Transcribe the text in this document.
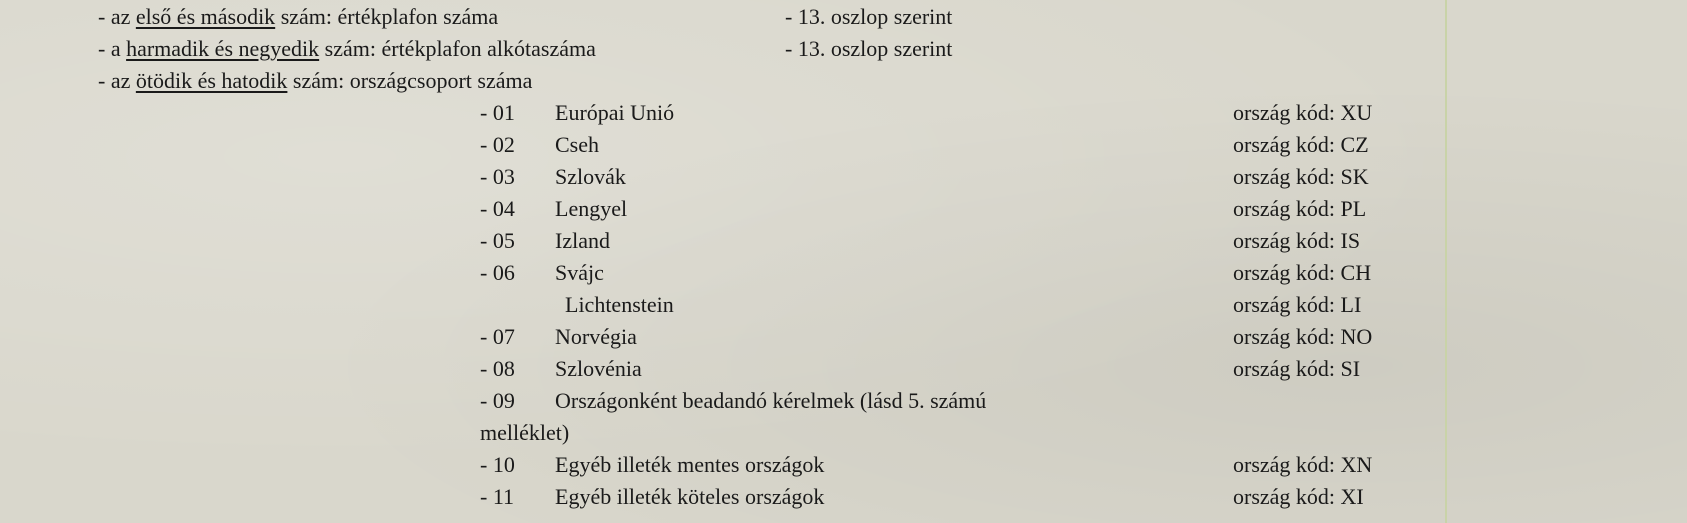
- az első és második szám: értékplafon száma	- 13. oszlop szerint
- a harmadik és negyedik szám: értékplafon alkótaszáma	- 13. oszlop szerint
- az ötödik és hatodik szám: országcsoport száma
- 01 Európai Unió	ország kód: XU
- 02 Cseh	ország kód: CZ
- 03 Szlovák	ország kód: SK
- 04 Lengyel	ország kód: PL
- 05 Izland	ország kód: IS
- 06 Svájc	ország kód: CH
Lichtenstein	ország kód: LI
- 07 Norvégia	ország kód: NO
- 08 Szlovénia	ország kód: SI
- 09 Országonként beadandó kérelmek (lásd 5. számú
melléklet)
- 10 Egyéb illeték mentes országok	ország kód: XN
- 11 Egyéb illeték köteles országok	ország kód: XI
